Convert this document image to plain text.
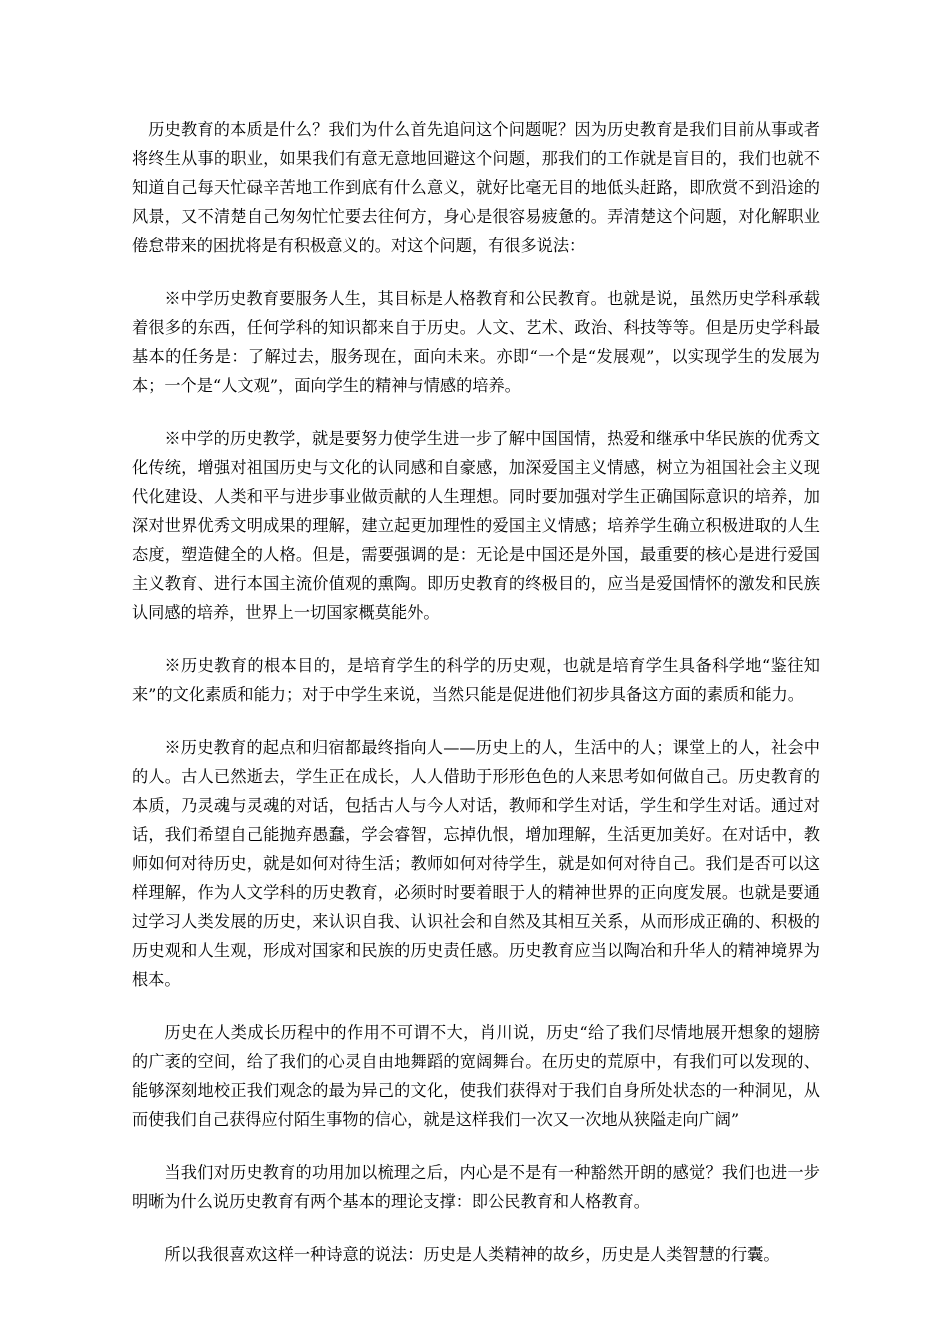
历史教育的本质是什么？我们为什么首先追问这个问题呢？因为历史教育是我们目前从事或者将终生从事的职业，如果我们有意无意地回避这个问题，那我们的工作就是盲目的，我们也就不知道自己每天忙碌辛苦地工作到底有什么意义，就好比毫无目的地低头赶路，即欣赏不到沿途的风景，又不清楚自己匆匆忙忙要去往何方，身心是很容易疲惫的。弄清楚这个问题，对化解职业倦怠带来的困扰将是有积极意义的。对这个问题，有很多说法：

※中学历史教育要服务人生，其目标是人格教育和公民教育。也就是说，虽然历史学科承载着很多的东西，任何学科的知识都来自于历史。人文、艺术、政治、科技等等。但是历史学科最基本的任务是：了解过去，服务现在，面向未来。亦即“一个是“发展观”，以实现学生的发展为本；一个是“人文观”，面向学生的精神与情感的培养。

※中学的历史教学，就是要努力使学生进一步了解中国国情，热爱和继承中华民族的优秀文化传统，增强对祖国历史与文化的认同感和自豪感，加深爱国主义情感，树立为祖国社会主义现代化建设、人类和平与进步事业做贡献的人生理想。同时要加强对学生正确国际意识的培养，加深对世界优秀文明成果的理解，建立起更加理性的爱国主义情感；培养学生确立积极进取的人生态度，塑造健全的人格。但是，需要强调的是：无论是中国还是外国，最重要的核心是进行爱国主义教育、进行本国主流价值观的熏陶。即历史教育的终极目的，应当是爱国情怀的激发和民族认同感的培养，世界上一切国家概莫能外。

※历史教育的根本目的，是培育学生的科学的历史观，也就是培育学生具备科学地“鉴往知来”的文化素质和能力；对于中学生来说，当然只能是促进他们初步具备这方面的素质和能力。

※历史教育的起点和归宿都最终指向人——历史上的人，生活中的人；课堂上的人，社会中的人。古人已然逝去，学生正在成长，人人借助于形形色色的人来思考如何做自己。历史教育的本质，乃灵魂与灵魂的对话，包括古人与今人对话，教师和学生对话，学生和学生对话。通过对话，我们希望自己能抛弃愚蠢，学会睿智，忘掉仇恨，增加理解，生活更加美好。在对话中，教师如何对待历史，就是如何对待生活；教师如何对待学生，就是如何对待自己。我们是否可以这样理解，作为人文学科的历史教育，必须时时要着眼于人的精神世界的正向度发展。也就是要通过学习人类发展的历史，来认识自我、认识社会和自然及其相互关系，从而形成正确的、积极的历史观和人生观，形成对国家和民族的历史责任感。历史教育应当以陶冶和升华人的精神境界为根本。

历史在人类成长历程中的作用不可谓不大，肖川说，历史“给了我们尽情地展开想象的翅膀的广袤的空间，给了我们的心灵自由地舞蹈的宽阔舞台。在历史的荒原中，有我们可以发现的、能够深刻地校正我们观念的最为异己的文化，使我们获得对于我们自身所处状态的一种洞见，从而使我们自己获得应付陌生事物的信心，就是这样我们一次又一次地从狭隘走向广阔”

当我们对历史教育的功用加以梳理之后，内心是不是有一种豁然开朗的感觉？我们也进一步明晰为什么说历史教育有两个基本的理论支撑：即公民教育和人格教育。

所以我很喜欢这样一种诗意的说法：历史是人类精神的故乡，历史是人类智慧的行囊。
